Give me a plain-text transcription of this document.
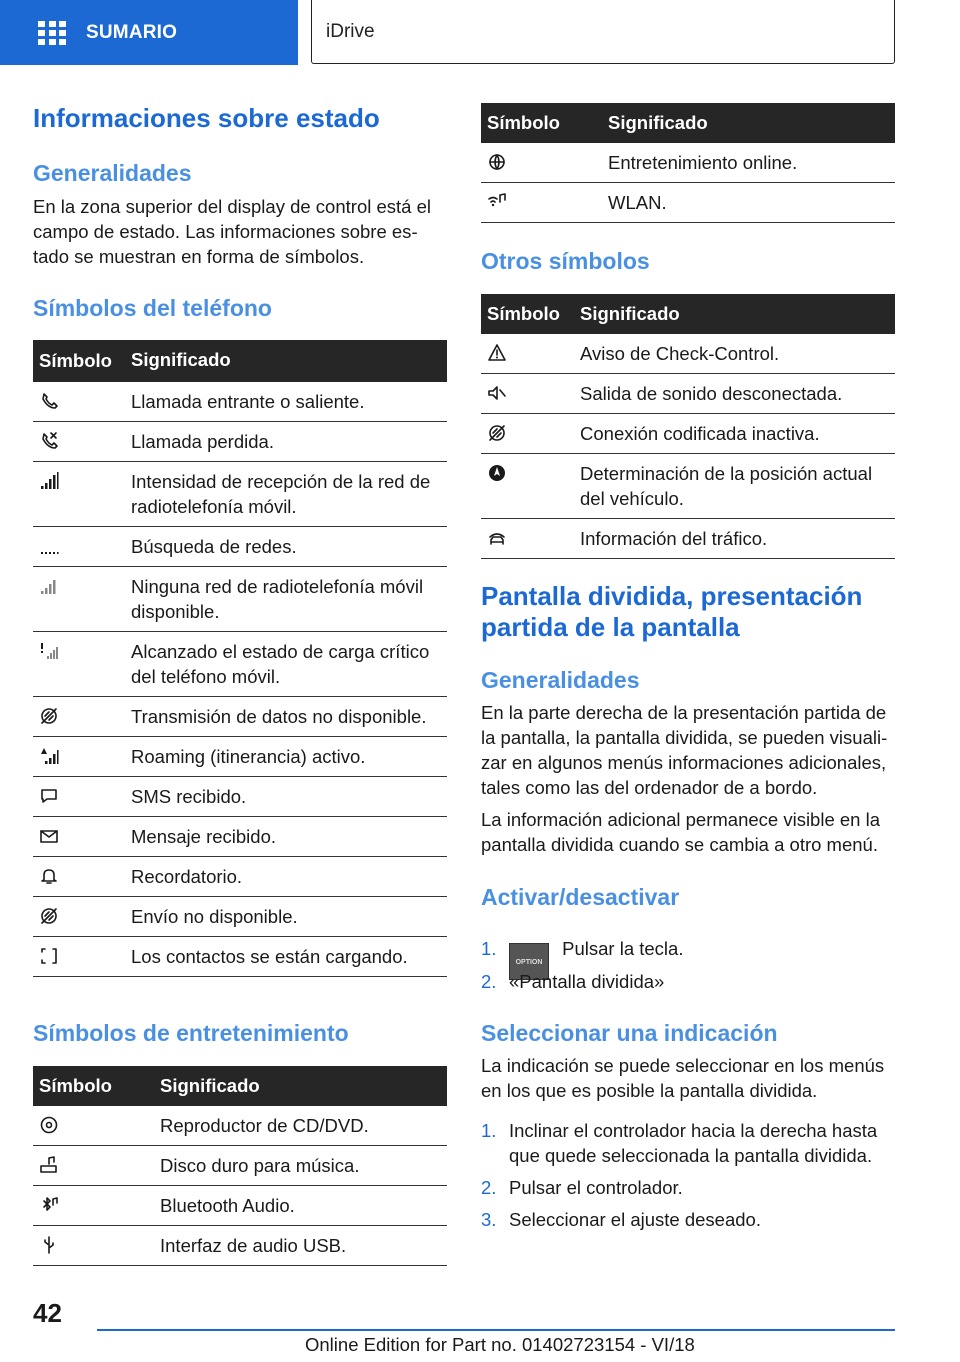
SUMARIO	iDrive
Informaciones sobre estado
Generalidades

En la zona superior del display de control está el campo de estado. Las informaciones sobre estado se muestran en forma de símbolos.

Símbolos del teléfono
Símbolo	Significado

	Llamada entrante o saliente.

	Llamada perdida.

	Intensidad de recepción de la red de radiotelefonía móvil.

	Búsqueda de redes.

	Ninguna red de radiotelefonía móvil disponible.

	Alcanzado el estado de carga crítico del teléfono móvil.

	Transmisión de datos no disponible.

	Roaming (itinerancia) activo.

	SMS recibido.

	Mensaje recibido.

	Recordatorio.

	Envío no disponible.

	Los contactos se están cargando.
Símbolos de entretenimiento
Símbolo	Significado

	Reproductor de CD/DVD.

	Disco duro para música.

	Bluetooth Audio.

	Interfaz de audio USB.
Símbolo	Significado

	Entretenimiento online.

	WLAN.
Otros símbolos
Símbolo	Significado

	Aviso de Check-Control.

	Salida de sonido desconectada.

	Conexión codificada inactiva.

	Determinación de la posición actual del vehículo.

	Información del tráfico.
Pantalla dividida, presentación partida de la pantalla
Generalidades

En la parte derecha de la presentación partida de la pantalla, la pantalla dividida, se pueden visualizar en algunos menús informaciones adicionales, tales como las del ordenador de a bordo.

La información adicional permanece visible en la pantalla dividida cuando se cambia a otro menú.

Activar/desactivar
1.
OPTION Pulsar la tecla.
2. «Pantalla dividida»
Seleccionar una indicación

La indicación se puede seleccionar en los menús en los que es posible la pantalla dividida.

1. Inclinar el controlador hacia la derecha hasta que quede seleccionada la pantalla dividida.
2. Pulsar el controlador.
3. Seleccionar el ajuste deseado.
42
Online Edition for Part no. 01402723154 - VI/18
